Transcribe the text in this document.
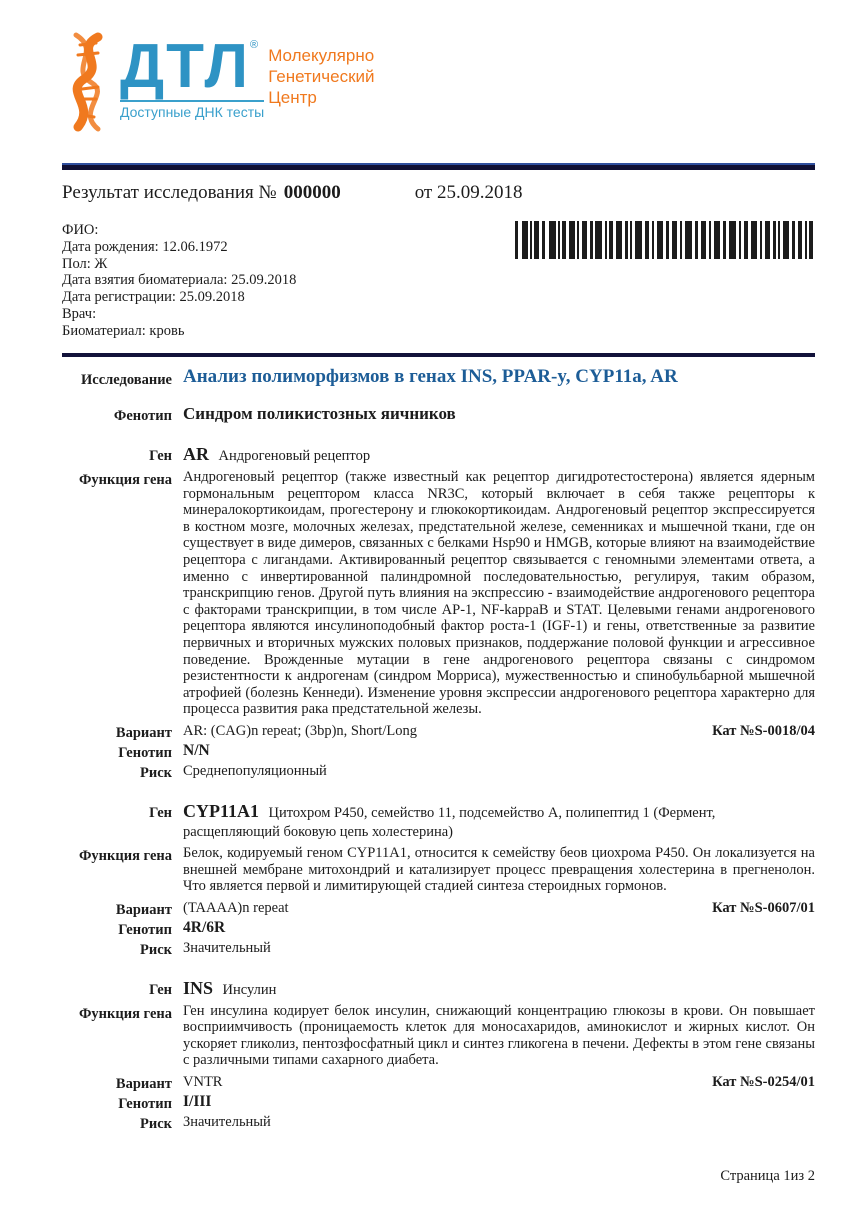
ДТЛ ®
Доступные ДНК тесты
Молекулярно
Генетический
Центр
Результат исследования № 000000	от 25.09.2018
ФИО:
Дата рождения: 12.06.1972
Пол: Ж
Дата взятия биоматериала: 25.09.2018
Дата регистрации: 25.09.2018
Врач:
Биоматериал: кровь
Исследование Анализ полиморфизмов в генах INS, PPAR-y, CYP11a, AR
Фенотип Синдром поликистозных яичников
Ген AR Андрогеновый рецептор
Функция гена Андрогеновый рецептор (также известный как рецептор дигидротестостерона) является ядерным гормональным рецептором класса NR3C, который включает в себя также рецепторы к минералокортикоидам, прогестерону и глюкокортикоидам. Андрогеновый рецептор экспрессируется в костном мозге, молочных железах, предстательной железе, семенниках и мышечной ткани, где он существует в виде димеров, связанных с белками Hsp90 и HMGB, которые влияют на взаимодействие рецептора с лигандами. Активированный рецептор связывается с геномными элементами ответа, а именно с инвертированной палиндромной последовательностью, регулируя, таким образом, транскрипцию генов. Другой путь влияния на экспрессию - взаимодействие андрогенового рецептора с факторами транскрипции, в том числе AP-1, NF-kappaB и STAT. Целевыми генами андрогенового рецептора являются инсулиноподобный фактор роста-1 (IGF-1) и гены, ответственные за развитие первичных и вторичных мужских половых признаков, поддержание половой функции и агрессивное поведение. Врожденные мутации в гене андрогенового рецептора связаны с синдромом резистентности к андрогенам (синдром Морриса), мужественностью и спинобульбарной мышечной атрофией (болезнь Кеннеди). Изменение уровня экспрессии андрогенового рецептора характерно для процесса развития рака предстательной железы.
Вариант AR: (CAG)n repeat; (3bp)n, Short/Long	Кат №S-0018/04
Генотип N/N
Риск Среднепопуляционный
Ген CYP11A1 Цитохром P450, семейство 11, подсемейство A, полипептид 1 (Фермент, расщепляющий боковую цепь холестерина)
Функция гена Белок, кодируемый геном CYP11A1, относится к семейству беов циохрома P450. Он локализуется на внешней мембране митохондрий и катализирует процесс превращения холестерина в прегненолон. Что является первой и лимитирующей стадией синтеза стероидных гормонов.
Вариант (TAAAA)n repeat	Кат №S-0607/01
Генотип 4R/6R
Риск Значительный
Ген INS Инсулин
Функция гена Ген инсулина кодирует белок инсулин, снижающий концентрацию глюкозы в крови. Он повышает восприимчивость (проницаемость клеток для моносахаридов, аминокислот и жирных кислот. Он ускоряет гликолиз, пентозфосфатный цикл и синтез гликогена в печени. Дефекты в этом гене связаны с различными типами сахарного диабета.
Вариант VNTR	Кат №S-0254/01
Генотип I/III
Риск Значительный
Страница 1из 2
